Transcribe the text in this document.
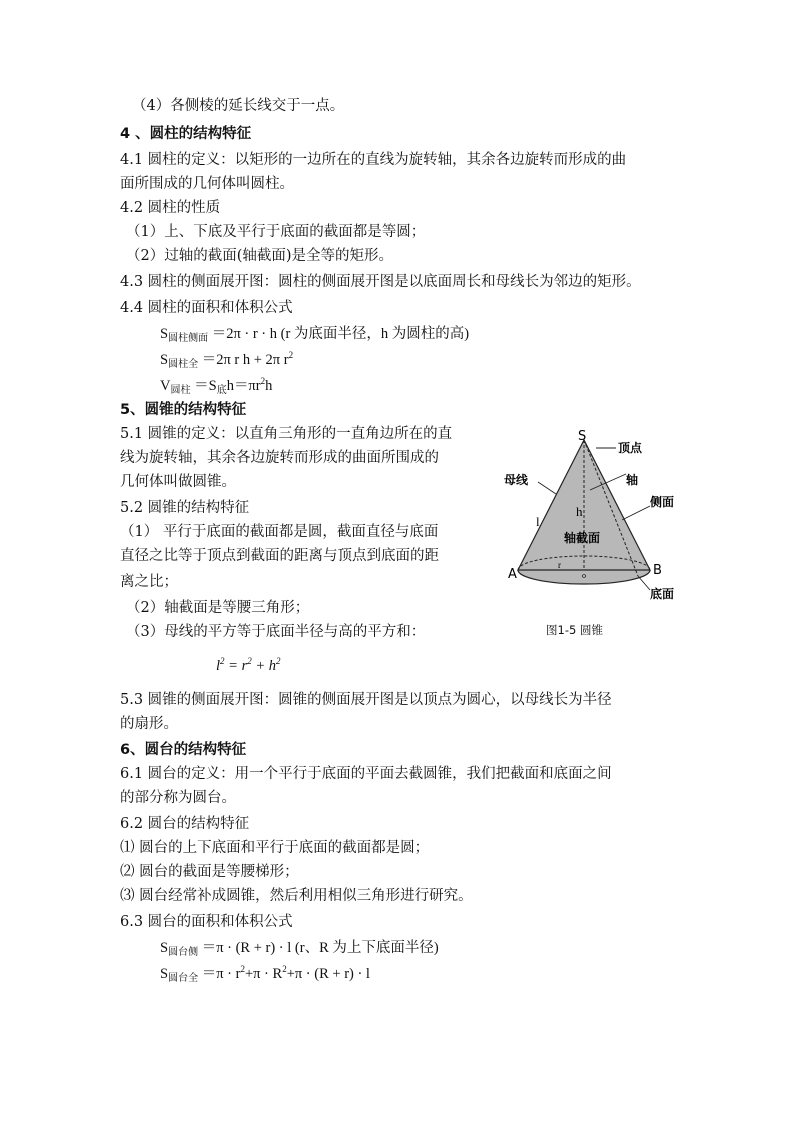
（4）各侧棱的延长线交于一点。
4 、圆柱的结构特征
4.1 圆柱的定义：以矩形的一边所在的直线为旋转轴，其余各边旋转而形成的曲
面所围成的几何体叫圆柱。
4.2 圆柱的性质
（1）上、下底及平行于底面的截面都是等圆；
（2）过轴的截面(轴截面)是全等的矩形。
4.3 圆柱的侧面展开图：圆柱的侧面展开图是以底面周长和母线长为邻边的矩形。
4.4 圆柱的面积和体积公式
$S_{圆柱侧面} =2\pi \cdot r \cdot h$ (r 为底面半径，h 为圆柱的高)
$S_{圆柱全} =2\pi$ r h + 2π $r^2$
$V_{圆柱} =S_底h=\pi r^2h$
5、圆锥的结构特征
5.1 圆锥的定义：以直角三角形的一直角边所在的直
线为旋转轴，其余各边旋转而形成的曲面所围成的
几何体叫做圆锥。
5.2 圆锥的结构特征
（1） 平行于底面的截面都是圆，截面直径与底面
直径之比等于顶点到截面的距离与顶点到底面的距
离之比；
（2）轴截面是等腰三角形；
（3）母线的平方等于底面半径与高的平方和：
$l^2 = r^2 + h^2$
5.3 圆锥的侧面展开图：圆锥的侧面展开图是以顶点为圆心，以母线长为半径
的扇形。
6、圆台的结构特征
6.1 圆台的定义：用一个平行于底面的平面去截圆锥，我们把截面和底面之间
的部分称为圆台。
6.2 圆台的结构特征
⑴ 圆台的上下底面和平行于底面的截面都是圆；
⑵ 圆台的截面是等腰梯形；
⑶ 圆台经常补成圆锥，然后利用相似三角形进行研究。
6.3 圆台的面积和体积公式
$S_{圆台侧} =\pi \cdot (R + r) \cdot l$ (r、R 为上下底面半径)
$S_{圆台全} =\pi \cdot r^2+\pi \cdot R^2+\pi \cdot (R + r) \cdot l$
S
A	B
顶点
轴
母线
侧面
轴截面
底面
h
l
r
o
图1-5 圆锥
